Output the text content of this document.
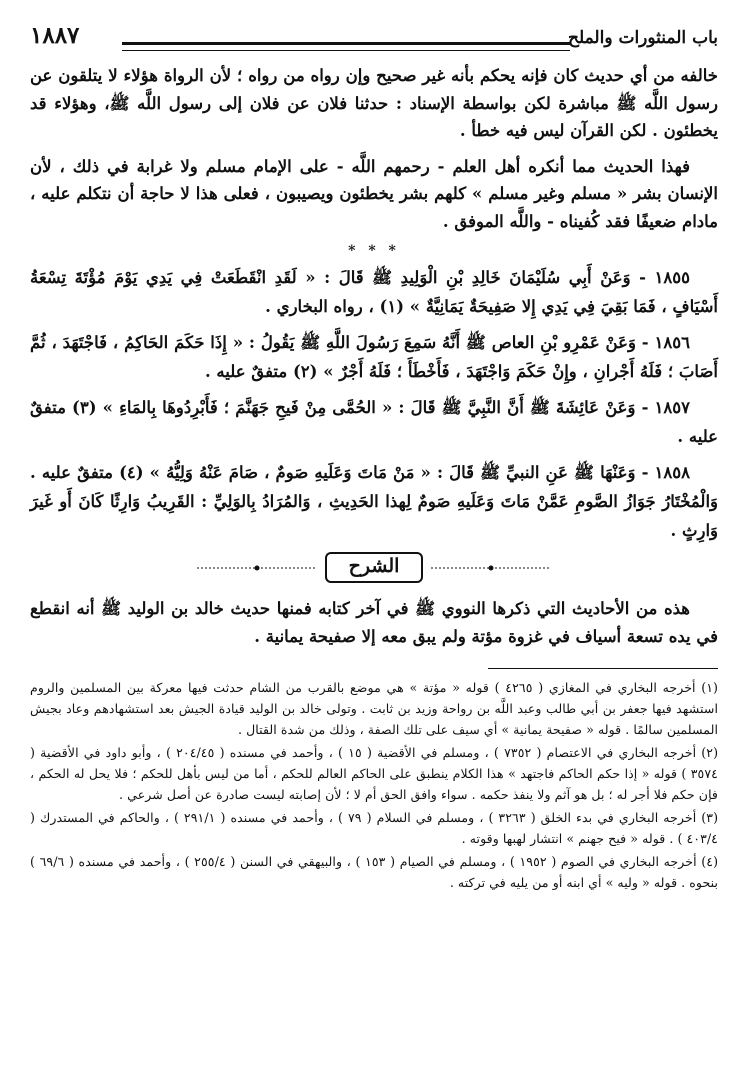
باب المنثورات والملح
١٨٨٧

خالفه من أي حديث كان فإنه يحكم بأنه غير صحيح وإن رواه من رواه ؛ لأن الرواة هؤلاء لا يتلقون عن رسول اللَّه ﷺ مباشرة لكن بواسطة الإسناد : حدثنا فلان عن فلان إلى رسول اللَّه ﷺ، وهؤلاء قد يخطئون . لكن القرآن ليس فيه خطأ .

فهذا الحديث مما أنكره أهل العلم - رحمهم اللَّه - على الإمام مسلم ولا غرابة في ذلك ، لأن الإنسان بشر « مسلم وغير مسلم » كلهم بشر يخطئون ويصيبون ، فعلى هذا لا حاجة أن نتكلم عليه ، مادام ضعيفًا فقد كُفيناه - واللَّه الموفق .

* * *

١٨٥٥ - وَعَنْ أَبِي سُلَيْمَانَ خَالِدِ بْنِ الْوَلِيدِ ﷺ قَالَ : « لَقَدِ انْقَطَعَتْ فِي يَدِي يَوْمَ مُؤْتَةَ تِسْعَةُ أَسْيَافٍ ، فَمَا بَقِيَ فِي يَدِي إِلا صَفِيحَةٌ يَمَانِيَّةٌ » (١) ، رواه البخاري .

١٨٥٦ - وَعَنْ عَمْرِو بْنِ العاص ﷺ أَنَّهُ سَمِعَ رَسُولَ اللَّهِ ﷺ يَقُولُ : « إِذَا حَكَمَ الحَاكِمُ ، فَاجْتَهَدَ ، ثُمَّ أَصَابَ ؛ فَلَهُ أَجْرانِ ، وإِنْ حَكَمَ وَاجْتَهَدَ ، فَأَخْطَأَ ؛ فَلَهُ أَجْرٌ » (٢) متفقٌ عليه .

١٨٥٧ - وَعَنْ عَائِشَةَ ﷺ أَنَّ النَّبِيَّ ﷺ قَالَ : « الحُمَّى مِنْ فَيحِ جَهَنَّمَ ؛ فَأَبْرِدُوهَا بِالمَاءِ » (٣) متفقٌ عليه .

١٨٥٨ - وَعَنْهَا ﷺ عَنِ النبيِّ ﷺ قَالَ : « مَنْ مَاتَ وَعَلَيهِ صَومٌ ، صَامَ عَنْهُ وَلِيُّهُ » (٤) متفقٌ عليه . وَالْمُخْتَارُ جَوَازُ الصَّومِ عَمَّنْ مَاتَ وَعَلَيهِ صَومٌ لِهذا الحَدِيثِ ، وَالمُرَادُ بِالوَلِيِّ : القَرِيبُ وَارِثًا كَانَ أَو غَيرَ وَارِثٍ .

الشرح

هذه من الأحاديث التي ذكرها النووي ﷺ في آخر كتابه فمنها حديث خالد بن الوليد ﷺ أنه انقطع في يده تسعة أسياف في غزوة مؤتة ولم يبق معه إلا صفيحة يمانية .

(١) أخرجه البخاري في المغازي ( ٤٢٦٥ ) قوله « مؤتة » هي موضع بالقرب من الشام حدثت فيها معركة بين المسلمين والروم استشهد فيها جعفر بن أبي طالب وعبد اللَّه بن رواحة وزيد بن ثابت . وتولى خالد بن الوليد قيادة الجيش بعد استشهادهم وعاد بجيش المسلمين سالمًا . قوله « صفيحة يمانية » أي سيف على تلك الصفة ، وذلك من شدة القتال .

(٢) أخرجه البخاري في الاعتصام ( ٧٣٥٢ ) ، ومسلم في الأقضية ( ١٥ ) ، وأحمد في مسنده ( ٢٠٤/٤٥ ) ، وأبو داود في الأقضية ( ٣٥٧٤ ) قوله « إذا حكم الحاكم فاجتهد » هذا الكلام ينطبق على الحاكم العالم للحكم ، أما من ليس بأهل للحكم ؛ فلا يحل له الحكم ، فإن حكم فلا أجر له ؛ بل هو آثم ولا ينفذ حكمه . سواء وافق الحق أم لا ؛ لأن إصابته ليست صادرة عن أصل شرعي .

(٣) أخرجه البخاري في بدء الخلق ( ٣٢٦٣ ) ، ومسلم في السلام ( ٧٩ ) ، وأحمد في مسنده ( ٢٩١/١ ) ، والحاكم في المستدرك ( ٤٠٣/٤ ) . قوله « فيح جهنم » انتشار لهبها وقوته .

(٤) أخرجه البخاري في الصوم ( ١٩٥٢ ) ، ومسلم في الصيام ( ١٥٣ ) ، والبيهقي في السنن ( ٢٥٥/٤ ) ، وأحمد في مسنده ( ٦٩/٦ ) بنحوه . قوله « وليه » أي ابنه أو من يليه في تركته .
